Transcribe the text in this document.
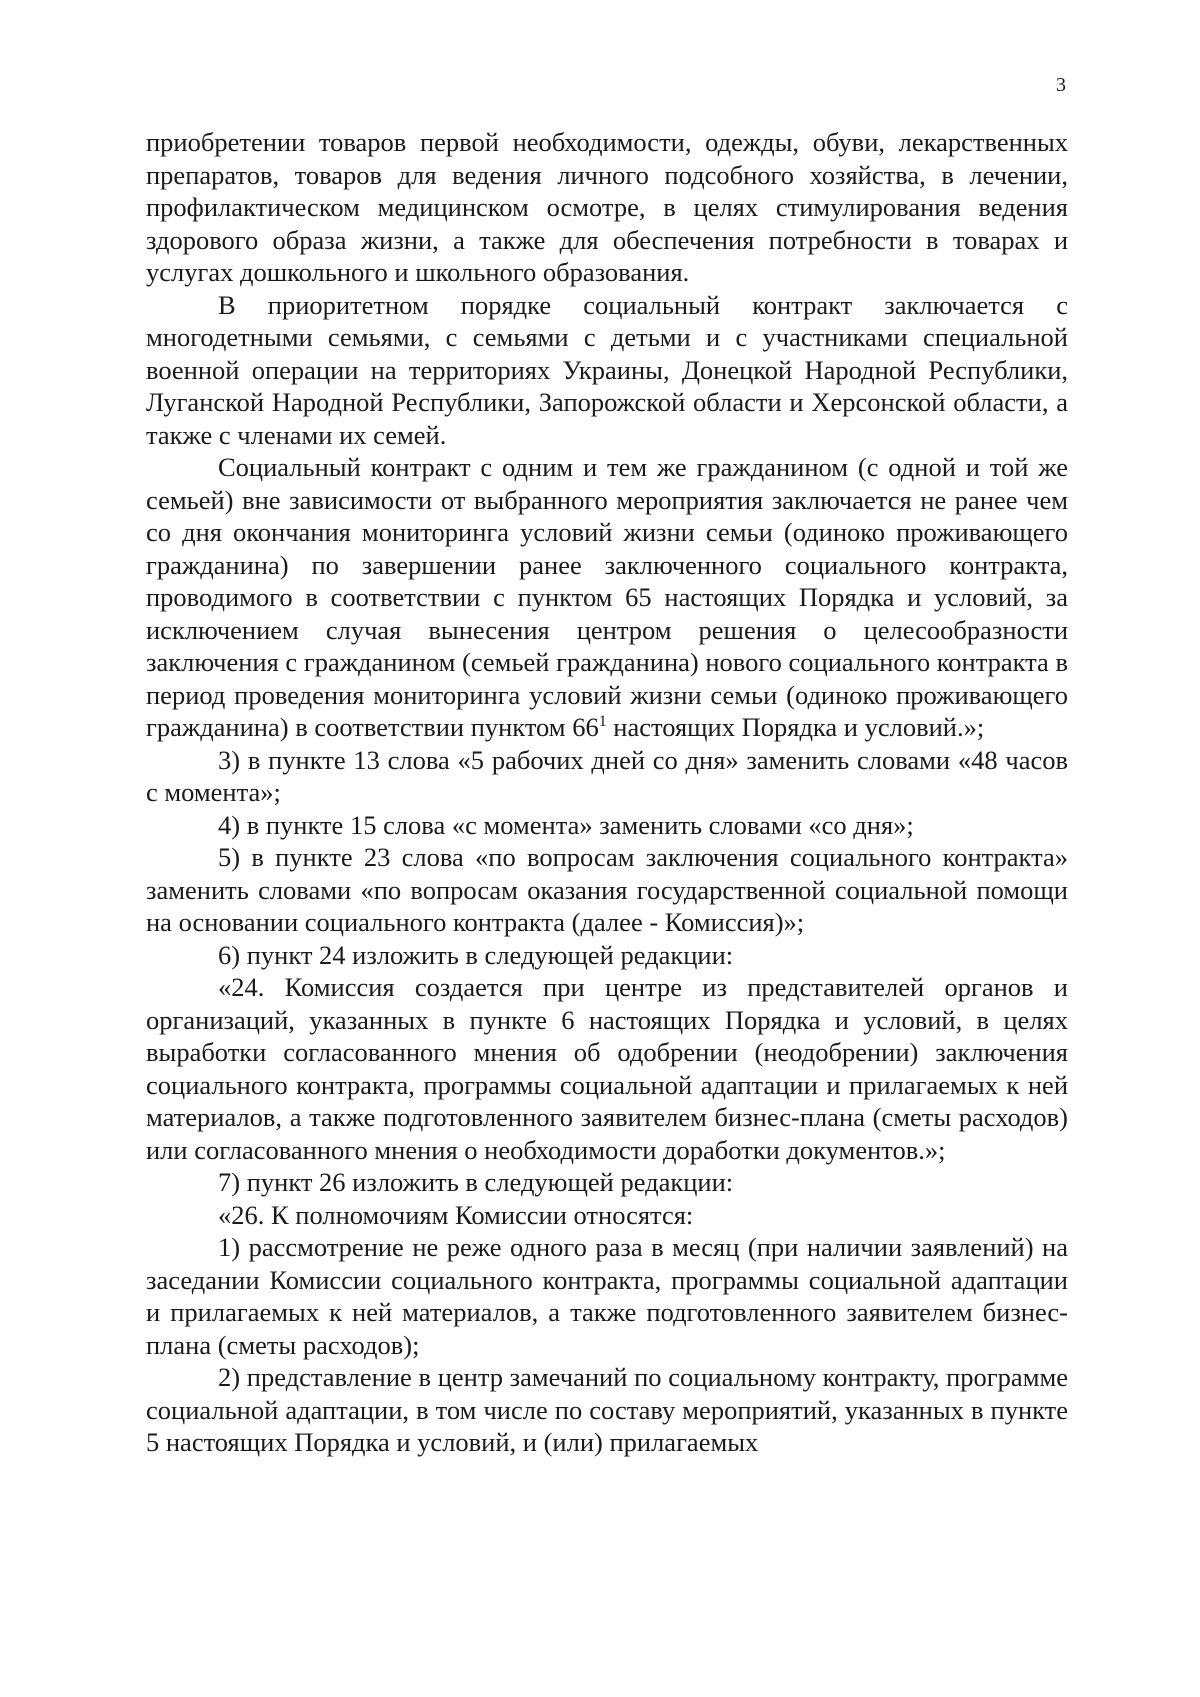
3

приобретении товаров первой необходимости, одежды, обуви, лекарственных препаратов, товаров для ведения личного подсобного хозяйства, в лечении, профилактическом медицинском осмотре, в целях стимулирования ведения здорового образа жизни, а также для обеспечения потребности в товарах и услугах дошкольного и школьного образования.

В приоритетном порядке социальный контракт заключается с многодетными семьями, с семьями с детьми и с участниками специальной военной операции на территориях Украины, Донецкой Народной Республики, Луганской Народной Республики, Запорожской области и Херсонской области, а также с членами их семей.

Социальный контракт с одним и тем же гражданином (с одной и той же семьей) вне зависимости от выбранного мероприятия заключается не ранее чем со дня окончания мониторинга условий жизни семьи (одиноко проживающего гражданина) по завершении ранее заключенного социального контракта, проводимого в соответствии с пунктом 65 настоящих Порядка и условий, за исключением случая вынесения центром решения о целесообразности заключения с гражданином (семьей гражданина) нового социального контракта в период проведения мониторинга условий жизни семьи (одиноко проживающего гражданина) в соответствии пунктом $66^1$ настоящих Порядка и условий.»;

3) в пункте 13 слова «5 рабочих дней со дня» заменить словами «48 часов с момента»;

4) в пункте 15 слова «с момента» заменить словами «со дня»;

5) в пункте 23 слова «по вопросам заключения социального контракта» заменить словами «по вопросам оказания государственной социальной помощи на основании социального контракта (далее - Комиссия)»;

6) пункт 24 изложить в следующей редакции:

«24. Комиссия создается при центре из представителей органов и организаций, указанных в пункте 6 настоящих Порядка и условий, в целях выработки согласованного мнения об одобрении (неодобрении) заключения социального контракта, программы социальной адаптации и прилагаемых к ней материалов, а также подготовленного заявителем бизнес-плана (сметы расходов) или согласованного мнения о необходимости доработки документов.»;

7) пункт 26 изложить в следующей редакции:

«26. К полномочиям Комиссии относятся:

1) рассмотрение не реже одного раза в месяц (при наличии заявлений) на заседании Комиссии социального контракта, программы социальной адаптации и прилагаемых к ней материалов, а также подготовленного заявителем бизнес-плана (сметы расходов);

2) представление в центр замечаний по социальному контракту, программе социальной адаптации, в том числе по составу мероприятий, указанных в пункте 5 настоящих Порядка и условий, и (или) прилагаемых
